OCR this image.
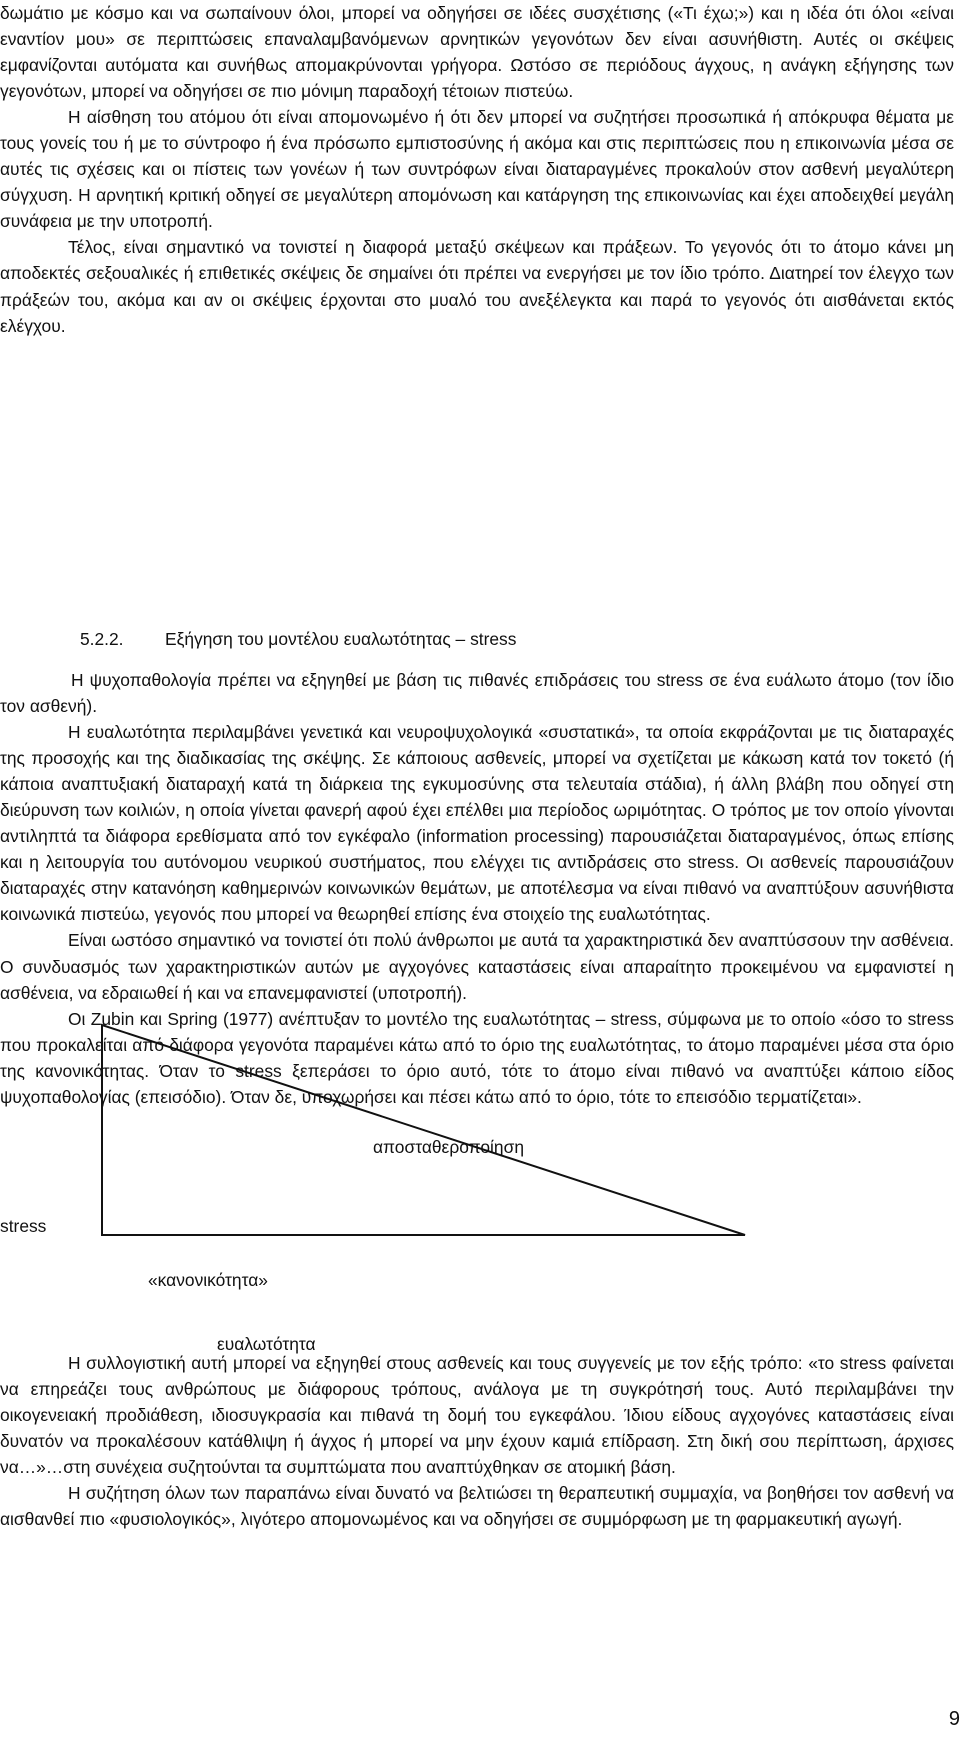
δωμάτιο με κόσμο και να σωπαίνουν όλοι, μπορεί να οδηγήσει σε ιδέες συσχέτισης («Τι έχω;») και η ιδέα ότι όλοι «είναι εναντίον μου» σε περιπτώσεις επαναλαμβανόμενων αρνητικών γεγονότων δεν είναι ασυνήθιστη. Αυτές οι σκέψεις εμφανίζονται αυτόματα και συνήθως απομακρύνονται γρήγορα. Ωστόσο σε περιόδους άγχους, η ανάγκη εξήγησης των γεγονότων, μπορεί να οδηγήσει σε πιο μόνιμη παραδοχή τέτοιων πιστεύω.

Η αίσθηση του ατόμου ότι είναι απομονωμένο ή ότι δεν μπορεί να συζητήσει προσωπικά ή απόκρυφα θέματα με τους γονείς του ή με το σύντροφο ή ένα πρόσωπο εμπιστοσύνης ή ακόμα και στις περιπτώσεις που η επικοινωνία μέσα σε αυτές τις σχέσεις και οι πίστεις των γονέων ή των συντρόφων είναι διαταραγμένες προκαλούν στον ασθενή μεγαλύτερη σύγχυση. Η αρνητική κριτική οδηγεί σε μεγαλύτερη απομόνωση και κατάργηση της επικοινωνίας και έχει αποδειχθεί μεγάλη συνάφεια με την υποτροπή.

Τέλος, είναι σημαντικό να τονιστεί η διαφορά μεταξύ σκέψεων και πράξεων. Το γεγονός ότι το άτομο κάνει μη αποδεκτές σεξουαλικές ή επιθετικές σκέψεις δε σημαίνει ότι πρέπει να ενεργήσει με τον ίδιο τρόπο. Διατηρεί τον έλεγχο των πράξεών του, ακόμα και αν οι σκέψεις έρχονται στο μυαλό του ανεξέλεγκτα και παρά το γεγονός ότι αισθάνεται εκτός ελέγχου.

5.2.2. Εξήγηση του μοντέλου ευαλωτότητας – stress

Η ψυχοπαθολογία πρέπει να εξηγηθεί με βάση τις πιθανές επιδράσεις του stress σε ένα ευάλωτο άτομο (τον ίδιο τον ασθενή).

Η ευαλωτότητα περιλαμβάνει γενετικά και νευροψυχολογικά «συστατικά», τα οποία εκφράζονται με τις διαταραχές της προσοχής και της διαδικασίας της σκέψης. Σε κάποιους ασθενείς, μπορεί να σχετίζεται με κάκωση κατά τον τοκετό (ή κάποια αναπτυξιακή διαταραχή κατά τη διάρκεια της εγκυμοσύνης στα τελευταία στάδια), ή άλλη βλάβη που οδηγεί στη διεύρυνση των κοιλιών, η οποία γίνεται φανερή αφού έχει επέλθει μια περίοδος ωριμότητας. Ο τρόπος με τον οποίο γίνονται αντιληπτά τα διάφορα ερεθίσματα από τον εγκέφαλο (information processing) παρουσιάζεται διαταραγμένος, όπως επίσης και η λειτουργία του αυτόνομου νευρικού συστήματος, που ελέγχει τις αντιδράσεις στο stress. Οι ασθενείς παρουσιάζουν διαταραχές στην κατανόηση καθημερινών κοινωνικών θεμάτων, με αποτέλεσμα να είναι πιθανό να αναπτύξουν ασυνήθιστα κοινωνικά πιστεύω, γεγονός που μπορεί να θεωρηθεί επίσης ένα στοιχείο της ευαλωτότητας.

Είναι ωστόσο σημαντικό να τονιστεί ότι πολύ άνθρωποι με αυτά τα χαρακτηριστικά δεν αναπτύσσουν την ασθένεια. Ο συνδυασμός των χαρακτηριστικών αυτών με αγχογόνες καταστάσεις είναι απαραίτητο προκειμένου να εμφανιστεί η ασθένεια, να εδραιωθεί ή και να επανεμφανιστεί (υποτροπή).

Οι Zubin και Spring (1977) ανέπτυξαν το μοντέλο της ευαλωτότητας – stress, σύμφωνα με το οποίο «όσο το stress που προκαλείται από διάφορα γεγονότα παραμένει κάτω από το όριο της ευαλωτότητας, το άτομο παραμένει μέσα στα όριο της κανονικότητας. Όταν το stress ξεπεράσει το όριο αυτό, τότε το άτομο είναι πιθανό να αναπτύξει κάποιο είδος ψυχοπαθολογίας (επεισόδιο). Όταν δε, υποχωρήσει και πέσει κάτω από το όριο, τότε το επεισόδιο τερματίζεται».

αποσταθεροποίηση
stress
«κανονικότητα»
ευαλωτότητα

Η συλλογιστική αυτή μπορεί να εξηγηθεί στους ασθενείς και τους συγγενείς με τον εξής τρόπο: «το stress φαίνεται να επηρεάζει τους ανθρώπους με διάφορους τρόπους, ανάλογα με τη συγκρότησή τους. Αυτό περιλαμβάνει την οικογενειακή προδιάθεση, ιδιοσυγκρασία και πιθανά τη δομή του εγκεφάλου. Ίδιου είδους αγχογόνες καταστάσεις είναι δυνατόν να προκαλέσουν κατάθλιψη ή άγχος ή μπορεί να μην έχουν καμιά επίδραση. Στη δική σου περίπτωση, άρχισες να…»…στη συνέχεια συζητούνται τα συμπτώματα που αναπτύχθηκαν σε ατομική βάση.

Η συζήτηση όλων των παραπάνω είναι δυνατό να βελτιώσει τη θεραπευτική συμμαχία, να βοηθήσει τον ασθενή να αισθανθεί πιο «φυσιολογικός», λιγότερο απομονωμένος και να οδηγήσει σε συμμόρφωση με τη φαρμακευτική αγωγή.

9
